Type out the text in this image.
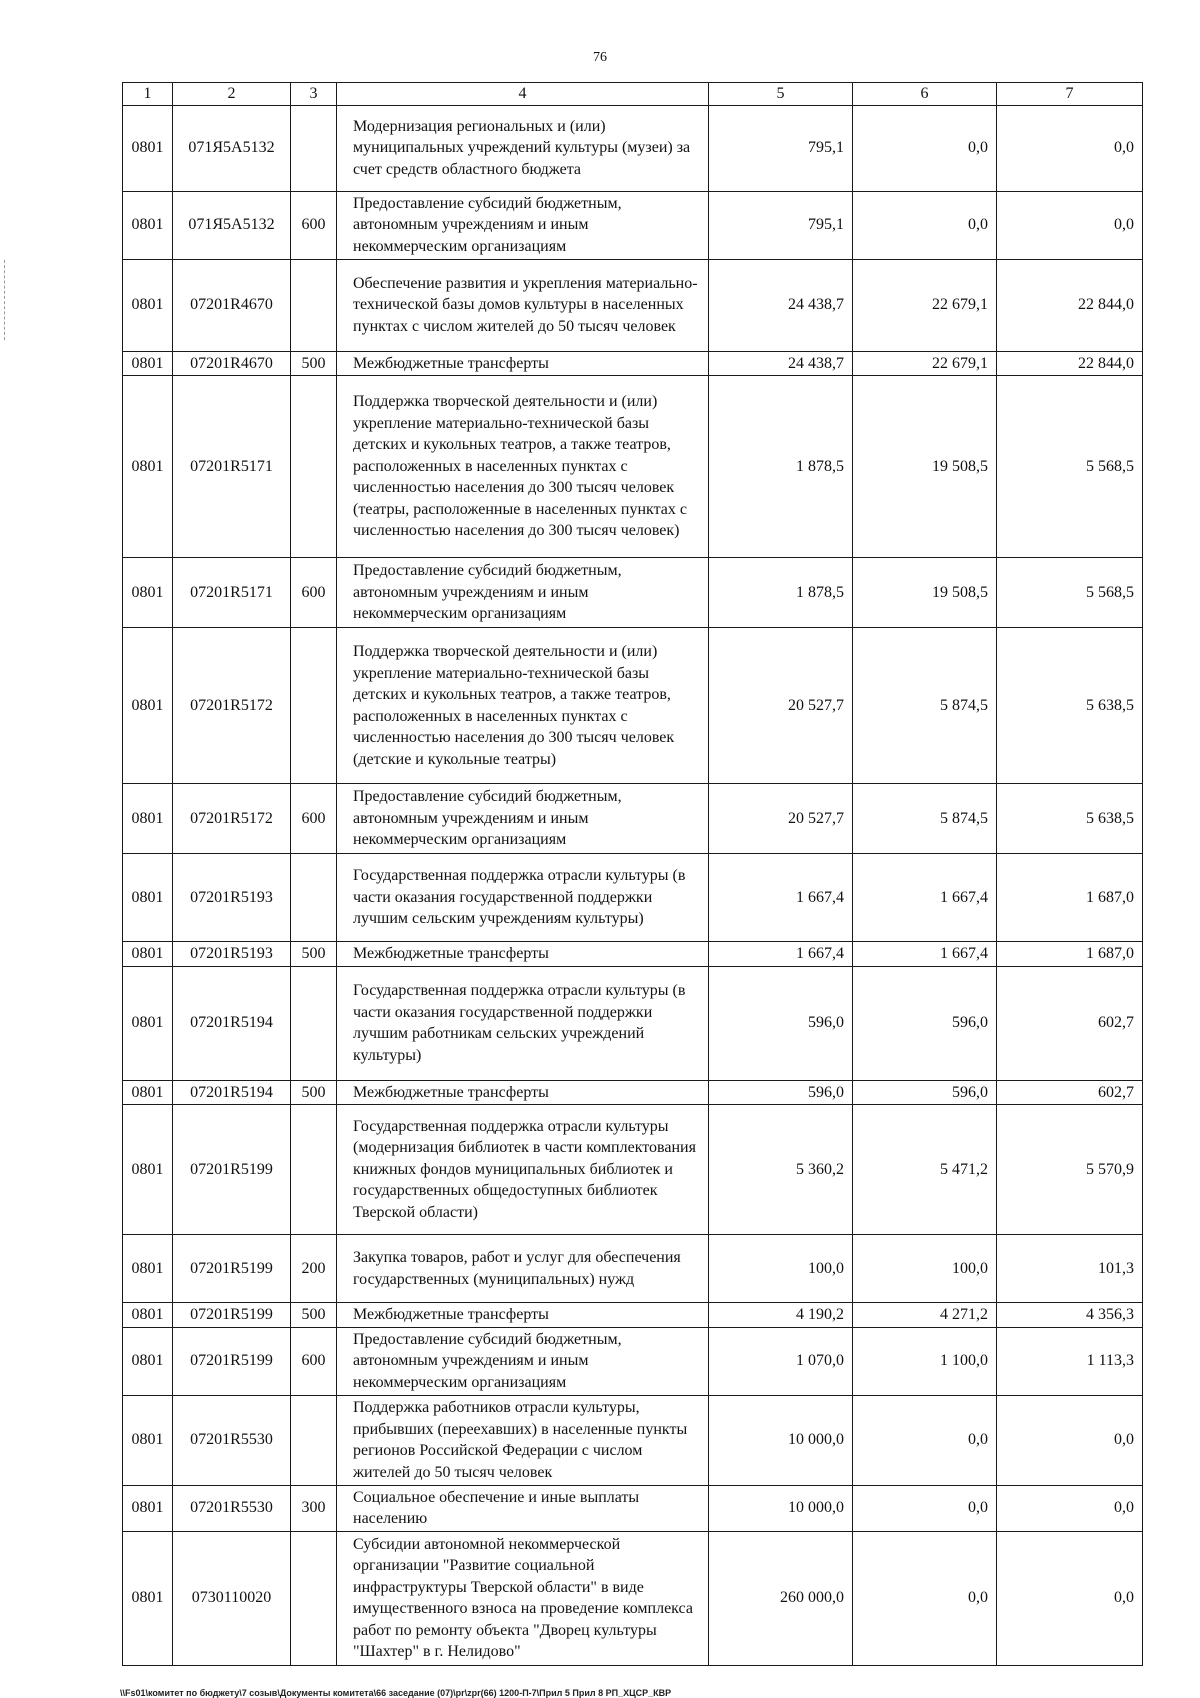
76
1	2	3	4	5	6	7
0801	071Я5А5132		Модернизация региональных и (или) муниципальных учреждений культуры (музеи) за счет средств областного бюджета	795,1	0,0	0,0
0801	071Я5А5132	600	Предоставление субсидий бюджетным, автономным учреждениям и иным некоммерческим организациям	795,1	0,0	0,0
0801	07201R4670		Обеспечение развития и укрепления материально-технической базы домов культуры в населенных пунктах с числом жителей до 50 тысяч человек	24 438,7	22 679,1	22 844,0
0801	07201R4670	500	Межбюджетные трансферты	24 438,7	22 679,1	22 844,0
0801	07201R5171		Поддержка творческой деятельности и (или) укрепление материально-технической базы детских и кукольных театров, а также театров, расположенных в населенных пунктах с численностью населения до 300 тысяч человек (театры, расположенные в населенных пунктах с численностью населения до 300 тысяч человек)	1 878,5	19 508,5	5 568,5
0801	07201R5171	600	Предоставление субсидий бюджетным, автономным учреждениям и иным некоммерческим организациям	1 878,5	19 508,5	5 568,5
0801	07201R5172		Поддержка творческой деятельности и (или) укрепление материально-технической базы детских и кукольных театров, а также театров, расположенных в населенных пунктах с численностью населения до 300 тысяч человек (детские и кукольные театры)	20 527,7	5 874,5	5 638,5
0801	07201R5172	600	Предоставление субсидий бюджетным, автономным учреждениям и иным некоммерческим организациям	20 527,7	5 874,5	5 638,5
0801	07201R5193		Государственная поддержка отрасли культуры (в части оказания государственной поддержки лучшим сельским учреждениям культуры)	1 667,4	1 667,4	1 687,0
0801	07201R5193	500	Межбюджетные трансферты	1 667,4	1 667,4	1 687,0
0801	07201R5194		Государственная поддержка отрасли культуры (в части оказания государственной поддержки лучшим работникам сельских учреждений культуры)	596,0	596,0	602,7
0801	07201R5194	500	Межбюджетные трансферты	596,0	596,0	602,7
0801	07201R5199		Государственная поддержка отрасли культуры (модернизация библиотек в части комплектования книжных фондов муниципальных библиотек и государственных общедоступных библиотек Тверской области)	5 360,2	5 471,2	5 570,9
0801	07201R5199	200	Закупка товаров, работ и услуг для обеспечения государственных (муниципальных) нужд	100,0	100,0	101,3
0801	07201R5199	500	Межбюджетные трансферты	4 190,2	4 271,2	4 356,3
0801	07201R5199	600	Предоставление субсидий бюджетным, автономным учреждениям и иным некоммерческим организациям	1 070,0	1 100,0	1 113,3
0801	07201R5530		Поддержка работников отрасли культуры, прибывших (переехавших) в населенные пункты регионов Российской Федерации с числом жителей до 50 тысяч человек	10 000,0	0,0	0,0
0801	07201R5530	300	Социальное обеспечение и иные выплаты населению	10 000,0	0,0	0,0
0801	0730110020		Субсидии автономной некоммерческой организации "Развитие социальной инфраструктуры Тверской области" в виде имущественного взноса на проведение комплекса работ по ремонту объекта "Дворец культуры "Шахтер" в г. Нелидово"	260 000,0	0,0	0,0
\\Fs01\комитет по бюджету\7 созыв\Документы комитета\66 заседание (07)\pr\zpr(66) 1200-П-7\Прил 5 Прил 8 РП_ХЦСР_КВР
